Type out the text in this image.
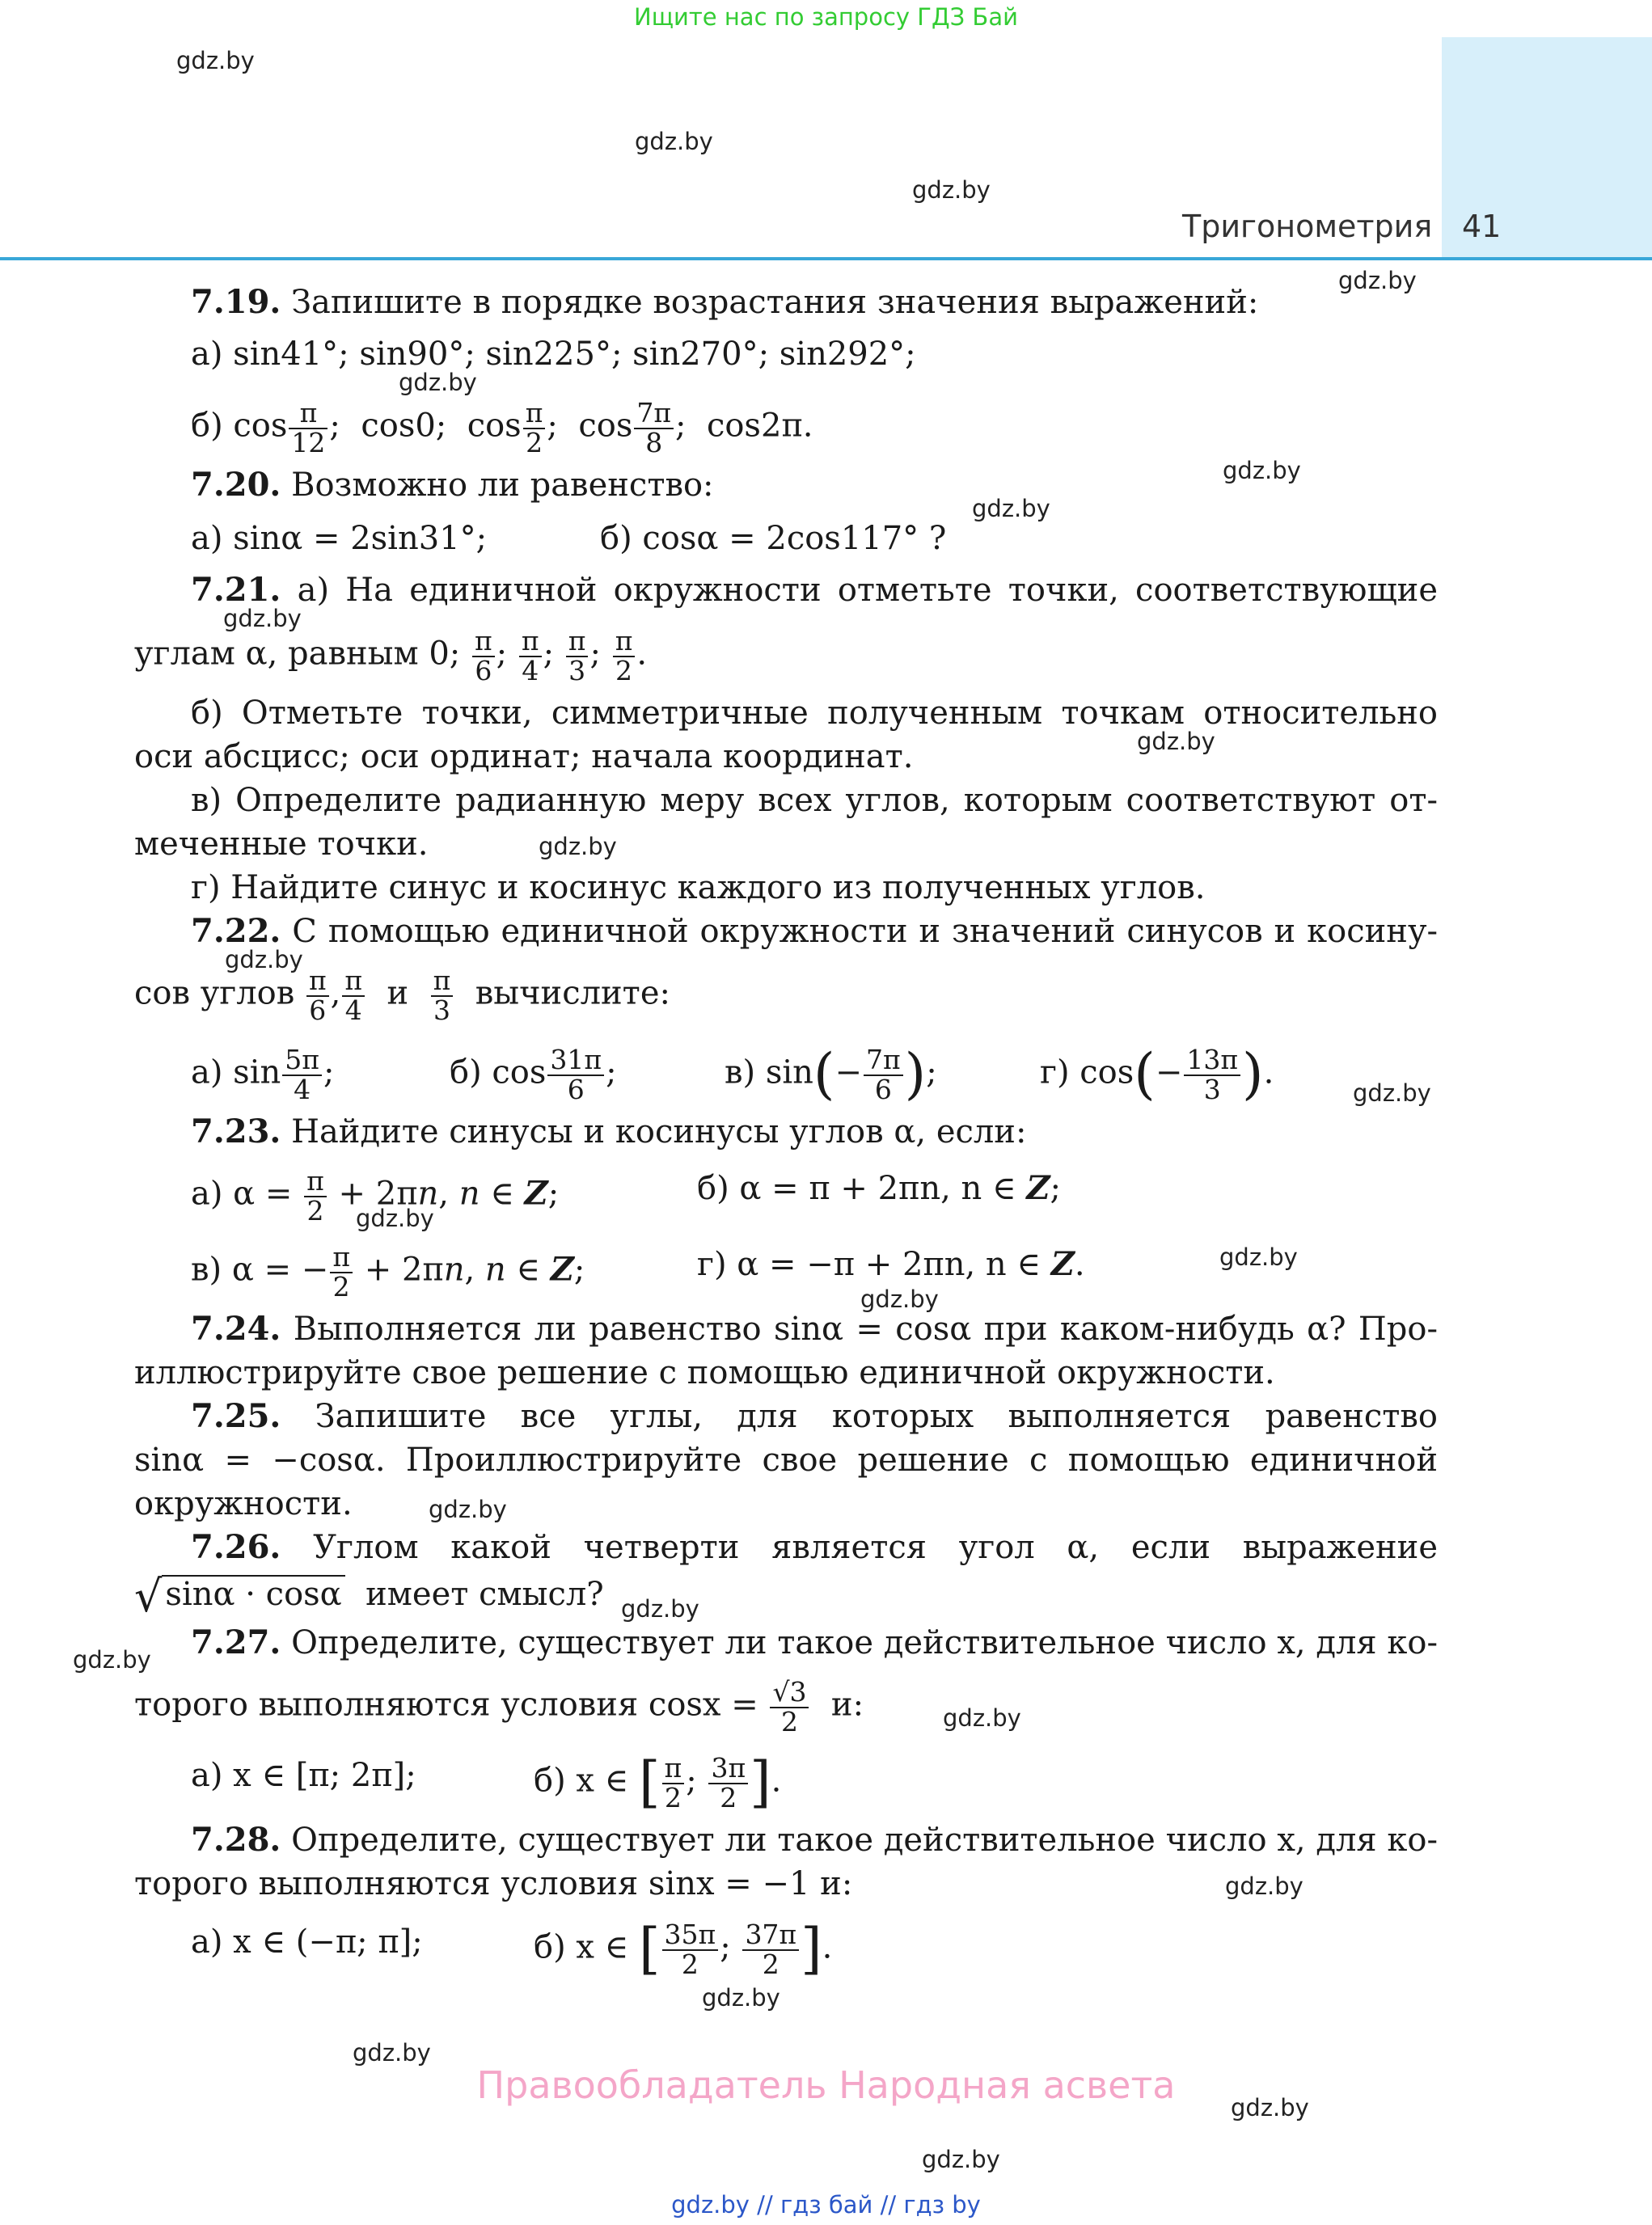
Ищите нас по запросу ГДЗ Бай
Тригонометрия 41
gdz.by
gdz.by
gdz.by
gdz.by
gdz.by
gdz.by
gdz.by
gdz.by
gdz.by
gdz.by
gdz.by
gdz.by
gdz.by
gdz.by
gdz.by
gdz.by
gdz.by
gdz.by
gdz.by
gdz.by
gdz.by
gdz.by
gdz.by
gdz.by
7.19. Запишите в порядке возрастания значения выражений:
а) sin41°; sin90°; sin225°; sin270°; sin292°;
б) $\cos \frac{\pi}{12}$ ;  cos0;  $\cos \frac{\pi}{2}$ ;  $\cos \frac{7\pi}{8}$ ;  cos2π.
7.20. Возможно ли равенство:
а) sinα = 2sin31°;	б) cosα = 2cos117° ?
7.21. а) На единичной окружности отметьте точки, соответствующие
углам α, равным 0; $\frac{\pi}{6}$ ; $\frac{\pi}{4}$ ; $\frac{\pi}{3}$ ; $\frac{\pi}{2}$ .
б) Отметьте точки, симметричные полученным точкам относительно
оси абсцисс; оси ординат; начала координат.
в) Определите радианную меру всех углов, которым соответствуют от-
меченные точки.
г) Найдите синус и косинус каждого из полученных углов.
7.22. С помощью единичной окружности и значений синусов и косину-
сов углов $\frac{\pi}{6}$ , $\frac{\pi}{4}$ и $\frac{\pi}{3}$ вычислите:
а) $\sin \frac{5\pi}{4}$ ;	б) $\cos \frac{31\pi}{6}$ ;	в) $\sin(- \frac{7\pi}{6}$ );	г) $\cos(- \frac{13\pi}{3}$ ).
7.23. Найдите синусы и косинусы углов α, если:
а) $\alpha = \frac{\pi}{2} + 2\pi n$, n ∈ Z;	б) α = π + 2πn, n ∈ Z;
в) α = − $\frac{\pi}{2} + 2\pi n$, n ∈ Z;	г) α = −π + 2πn, n ∈ Z.
7.24. Выполняется ли равенство sinα = cosα при каком-нибудь α? Про-
иллюстрируйте свое решение с помощью единичной окружности.
7.25. Запишите все углы, для которых выполняется равенство
sinα = −cosα. Проиллюстрируйте свое решение с помощью единичной
окружности.
7.26. Углом какой четверти является угол α, если выражение
√ sinα · cosα имеет смысл?
7.27. Определите, существует ли такое действительное число x, для ко-
торого выполняются условия $\cos x = \frac{√3}{2} и$:
а) x ∈ [π; 2π];	б) x ∈ [ $\frac{\pi}{2}$ ; $\frac{3\pi}{2}$ ].
7.28. Определите, существует ли такое действительное число x, для ко-
торого выполняются условия sinx = −1 и:
а) x ∈ (−π; π];	б) x ∈ [ $\frac{35\pi}{2}$ ; $\frac{37\pi}{2}$ ].
Правообладатель Народная асвета
gdz.by // гдз бай // гдз by
